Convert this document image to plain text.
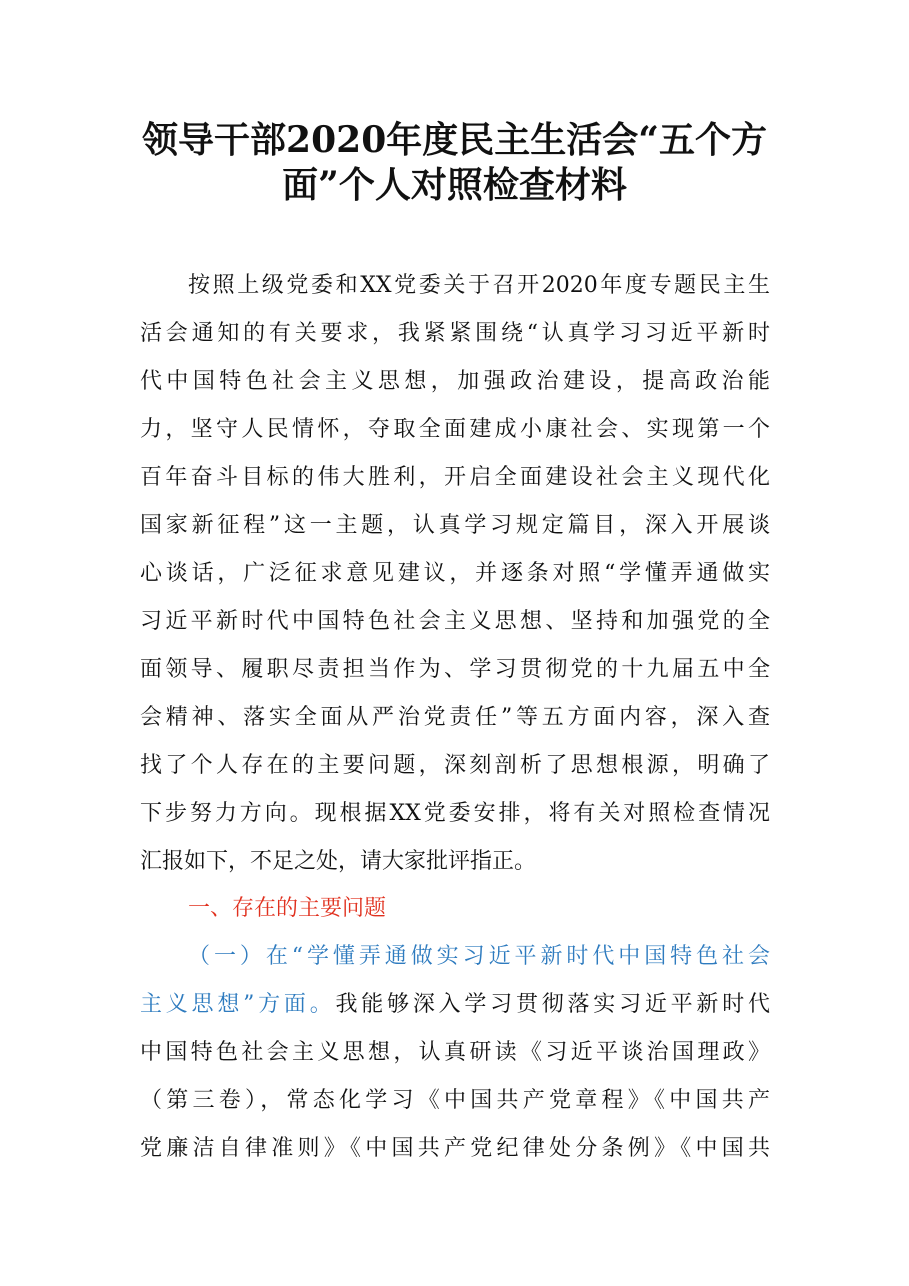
领导干部2020年度民主生活会“五个方
面”个人对照检查材料
按照上级党委和XX党委关于召开2020年度专题民主生
活会通知的有关要求，我紧紧围绕“认真学习习近平新时
代中国特色社会主义思想，加强政治建设，提高政治能
力，坚守人民情怀，夺取全面建成小康社会、实现第一个
百年奋斗目标的伟大胜利，开启全面建设社会主义现代化
国家新征程”这一主题，认真学习规定篇目，深入开展谈
心谈话，广泛征求意见建议，并逐条对照“学懂弄通做实
习近平新时代中国特色社会主义思想、坚持和加强党的全
面领导、履职尽责担当作为、学习贯彻党的十九届五中全
会精神、落实全面从严治党责任”等五方面内容，深入查
找了个人存在的主要问题，深刻剖析了思想根源，明确了
下步努力方向。现根据XX党委安排，将有关对照检查情况
汇报如下，不足之处，请大家批评指正。
一、存在的主要问题
（一）在“学懂弄通做实习近平新时代中国特色社会
主义思想”方面。我能够深入学习贯彻落实习近平新时代
中国特色社会主义思想，认真研读《习近平谈治国理政》
（第三卷），常态化学习《中国共产党章程》《中国共产
党廉洁自律准则》《中国共产党纪律处分条例》《中国共
